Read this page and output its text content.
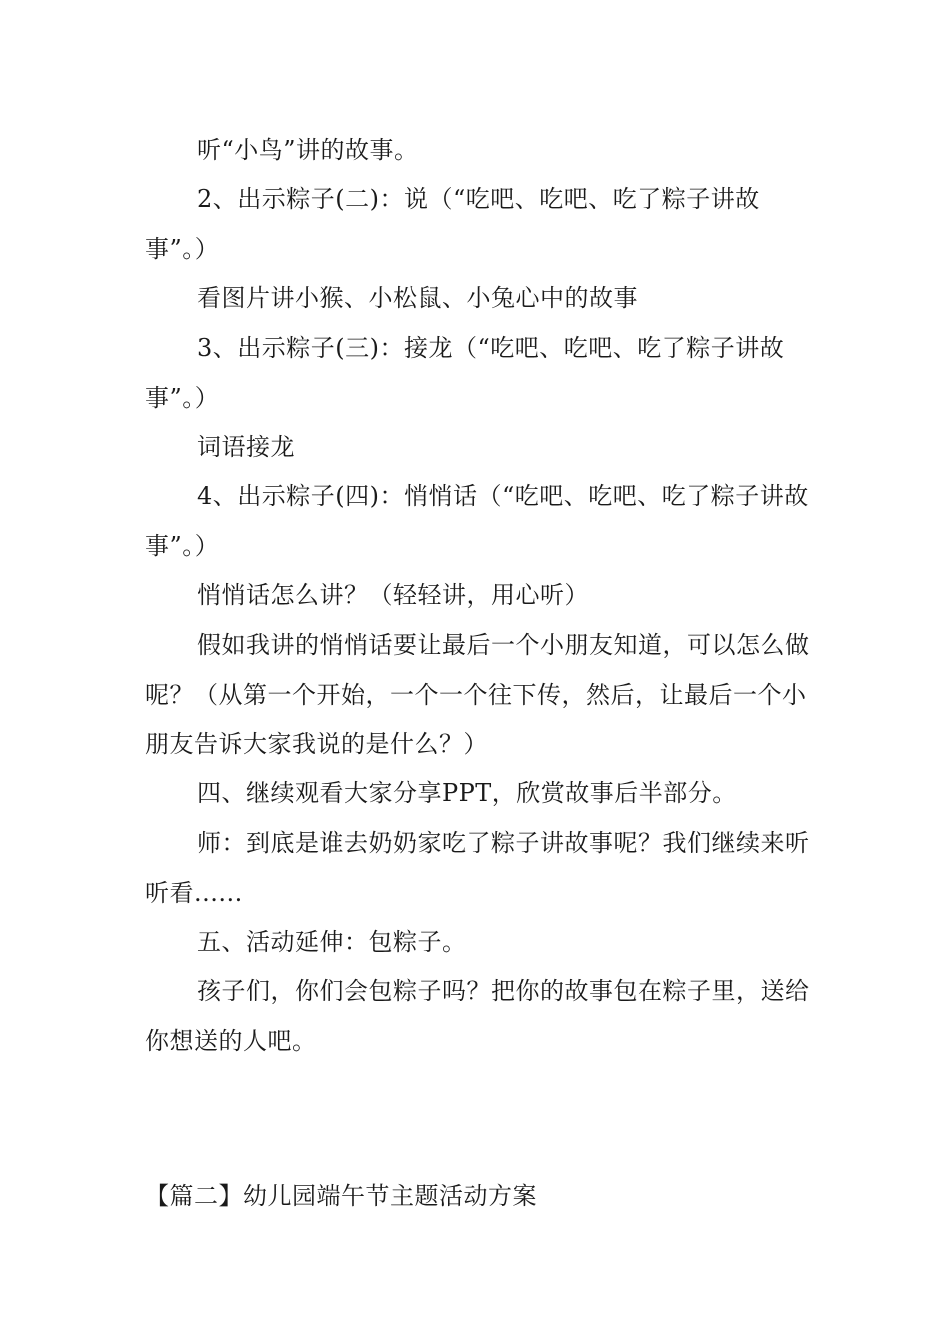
听“小鸟”讲的故事。

2、出示粽子(二)：说（“吃吧、吃吧、吃了粽子讲故事”。）

看图片讲小猴、小松鼠、小兔心中的故事

3、出示粽子(三)：接龙（“吃吧、吃吧、吃了粽子讲故事”。）

词语接龙

4、出示粽子(四)：悄悄话（“吃吧、吃吧、吃了粽子讲故事”。）

悄悄话怎么讲？（轻轻讲，用心听）

假如我讲的悄悄话要让最后一个小朋友知道，可以怎么做呢？（从第一个开始，一个一个往下传，然后，让最后一个小朋友告诉大家我说的是什么？）

四、继续观看大家分享PPT，欣赏故事后半部分。

师：到底是谁去奶奶家吃了粽子讲故事呢？我们继续来听听看......

五、活动延伸：包粽子。

孩子们，你们会包粽子吗？把你的故事包在粽子里，送给你想送的人吧。

【篇二】幼儿园端午节主题活动方案
